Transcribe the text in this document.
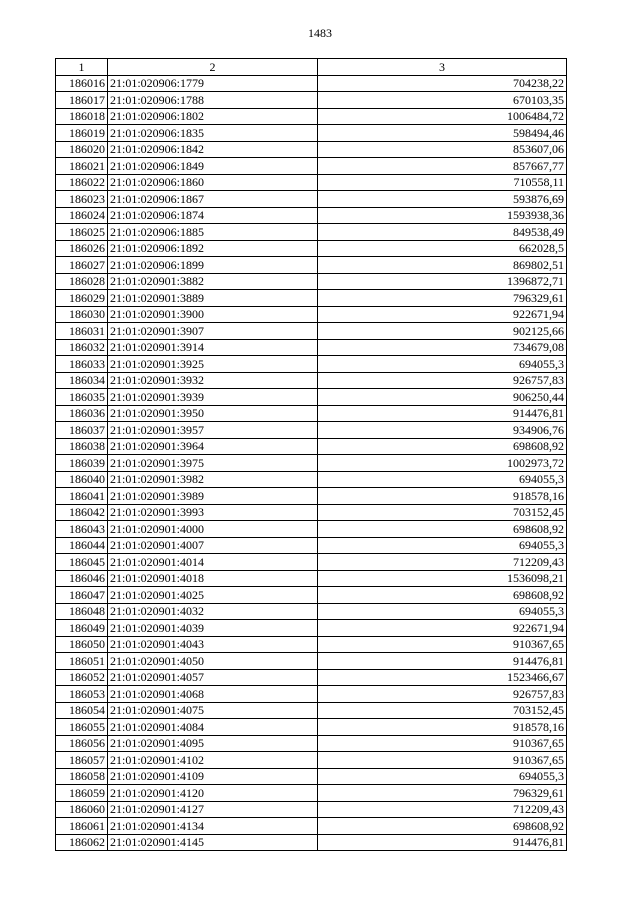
1483
1	2	3
186016	21:01:020906:1779	704238,22
186017	21:01:020906:1788	670103,35
186018	21:01:020906:1802	1006484,72
186019	21:01:020906:1835	598494,46
186020	21:01:020906:1842	853607,06
186021	21:01:020906:1849	857667,77
186022	21:01:020906:1860	710558,11
186023	21:01:020906:1867	593876,69
186024	21:01:020906:1874	1593938,36
186025	21:01:020906:1885	849538,49
186026	21:01:020906:1892	662028,5
186027	21:01:020906:1899	869802,51
186028	21:01:020901:3882	1396872,71
186029	21:01:020901:3889	796329,61
186030	21:01:020901:3900	922671,94
186031	21:01:020901:3907	902125,66
186032	21:01:020901:3914	734679,08
186033	21:01:020901:3925	694055,3
186034	21:01:020901:3932	926757,83
186035	21:01:020901:3939	906250,44
186036	21:01:020901:3950	914476,81
186037	21:01:020901:3957	934906,76
186038	21:01:020901:3964	698608,92
186039	21:01:020901:3975	1002973,72
186040	21:01:020901:3982	694055,3
186041	21:01:020901:3989	918578,16
186042	21:01:020901:3993	703152,45
186043	21:01:020901:4000	698608,92
186044	21:01:020901:4007	694055,3
186045	21:01:020901:4014	712209,43
186046	21:01:020901:4018	1536098,21
186047	21:01:020901:4025	698608,92
186048	21:01:020901:4032	694055,3
186049	21:01:020901:4039	922671,94
186050	21:01:020901:4043	910367,65
186051	21:01:020901:4050	914476,81
186052	21:01:020901:4057	1523466,67
186053	21:01:020901:4068	926757,83
186054	21:01:020901:4075	703152,45
186055	21:01:020901:4084	918578,16
186056	21:01:020901:4095	910367,65
186057	21:01:020901:4102	910367,65
186058	21:01:020901:4109	694055,3
186059	21:01:020901:4120	796329,61
186060	21:01:020901:4127	712209,43
186061	21:01:020901:4134	698608,92
186062	21:01:020901:4145	914476,81
